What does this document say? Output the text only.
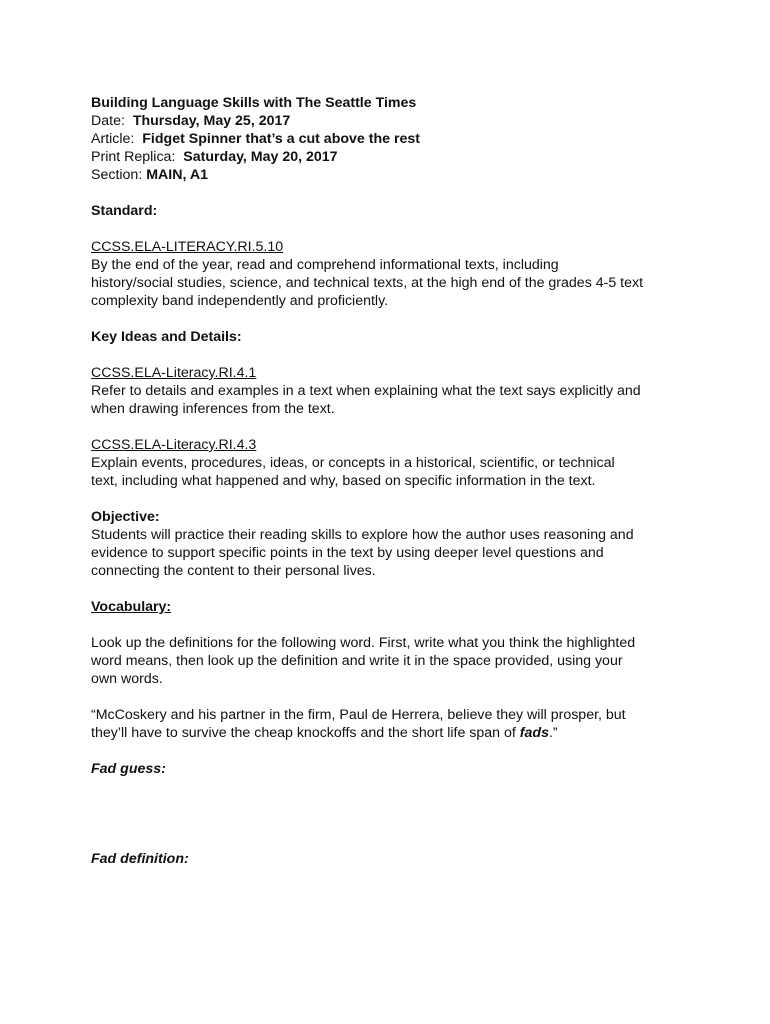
Building Language Skills with The Seattle Times
Date: Thursday, May 25, 2017
Article: Fidget Spinner that’s a cut above the rest
Print Replica: Saturday, May 20, 2017
Section: MAIN, A1
Standard:
CCSS.ELA-LITERACY.RI.5.10
By the end of the year, read and comprehend informational texts, including
history/social studies, science, and technical texts, at the high end of the grades 4-5 text
complexity band independently and proficiently.
Key Ideas and Details:
CCSS.ELA-Literacy.RI.4.1
Refer to details and examples in a text when explaining what the text says explicitly and
when drawing inferences from the text.
CCSS.ELA-Literacy.RI.4.3
Explain events, procedures, ideas, or concepts in a historical, scientific, or technical
text, including what happened and why, based on specific information in the text.
Objective:
Students will practice their reading skills to explore how the author uses reasoning and
evidence to support specific points in the text by using deeper level questions and
connecting the content to their personal lives.
Vocabulary:
Look up the definitions for the following word. First, write what you think the highlighted
word means, then look up the definition and write it in the space provided, using your
own words.
“McCoskery and his partner in the firm, Paul de Herrera, believe they will prosper, but
they’ll have to survive the cheap knockoffs and the short life span of fads.”
Fad guess:
Fad definition:
